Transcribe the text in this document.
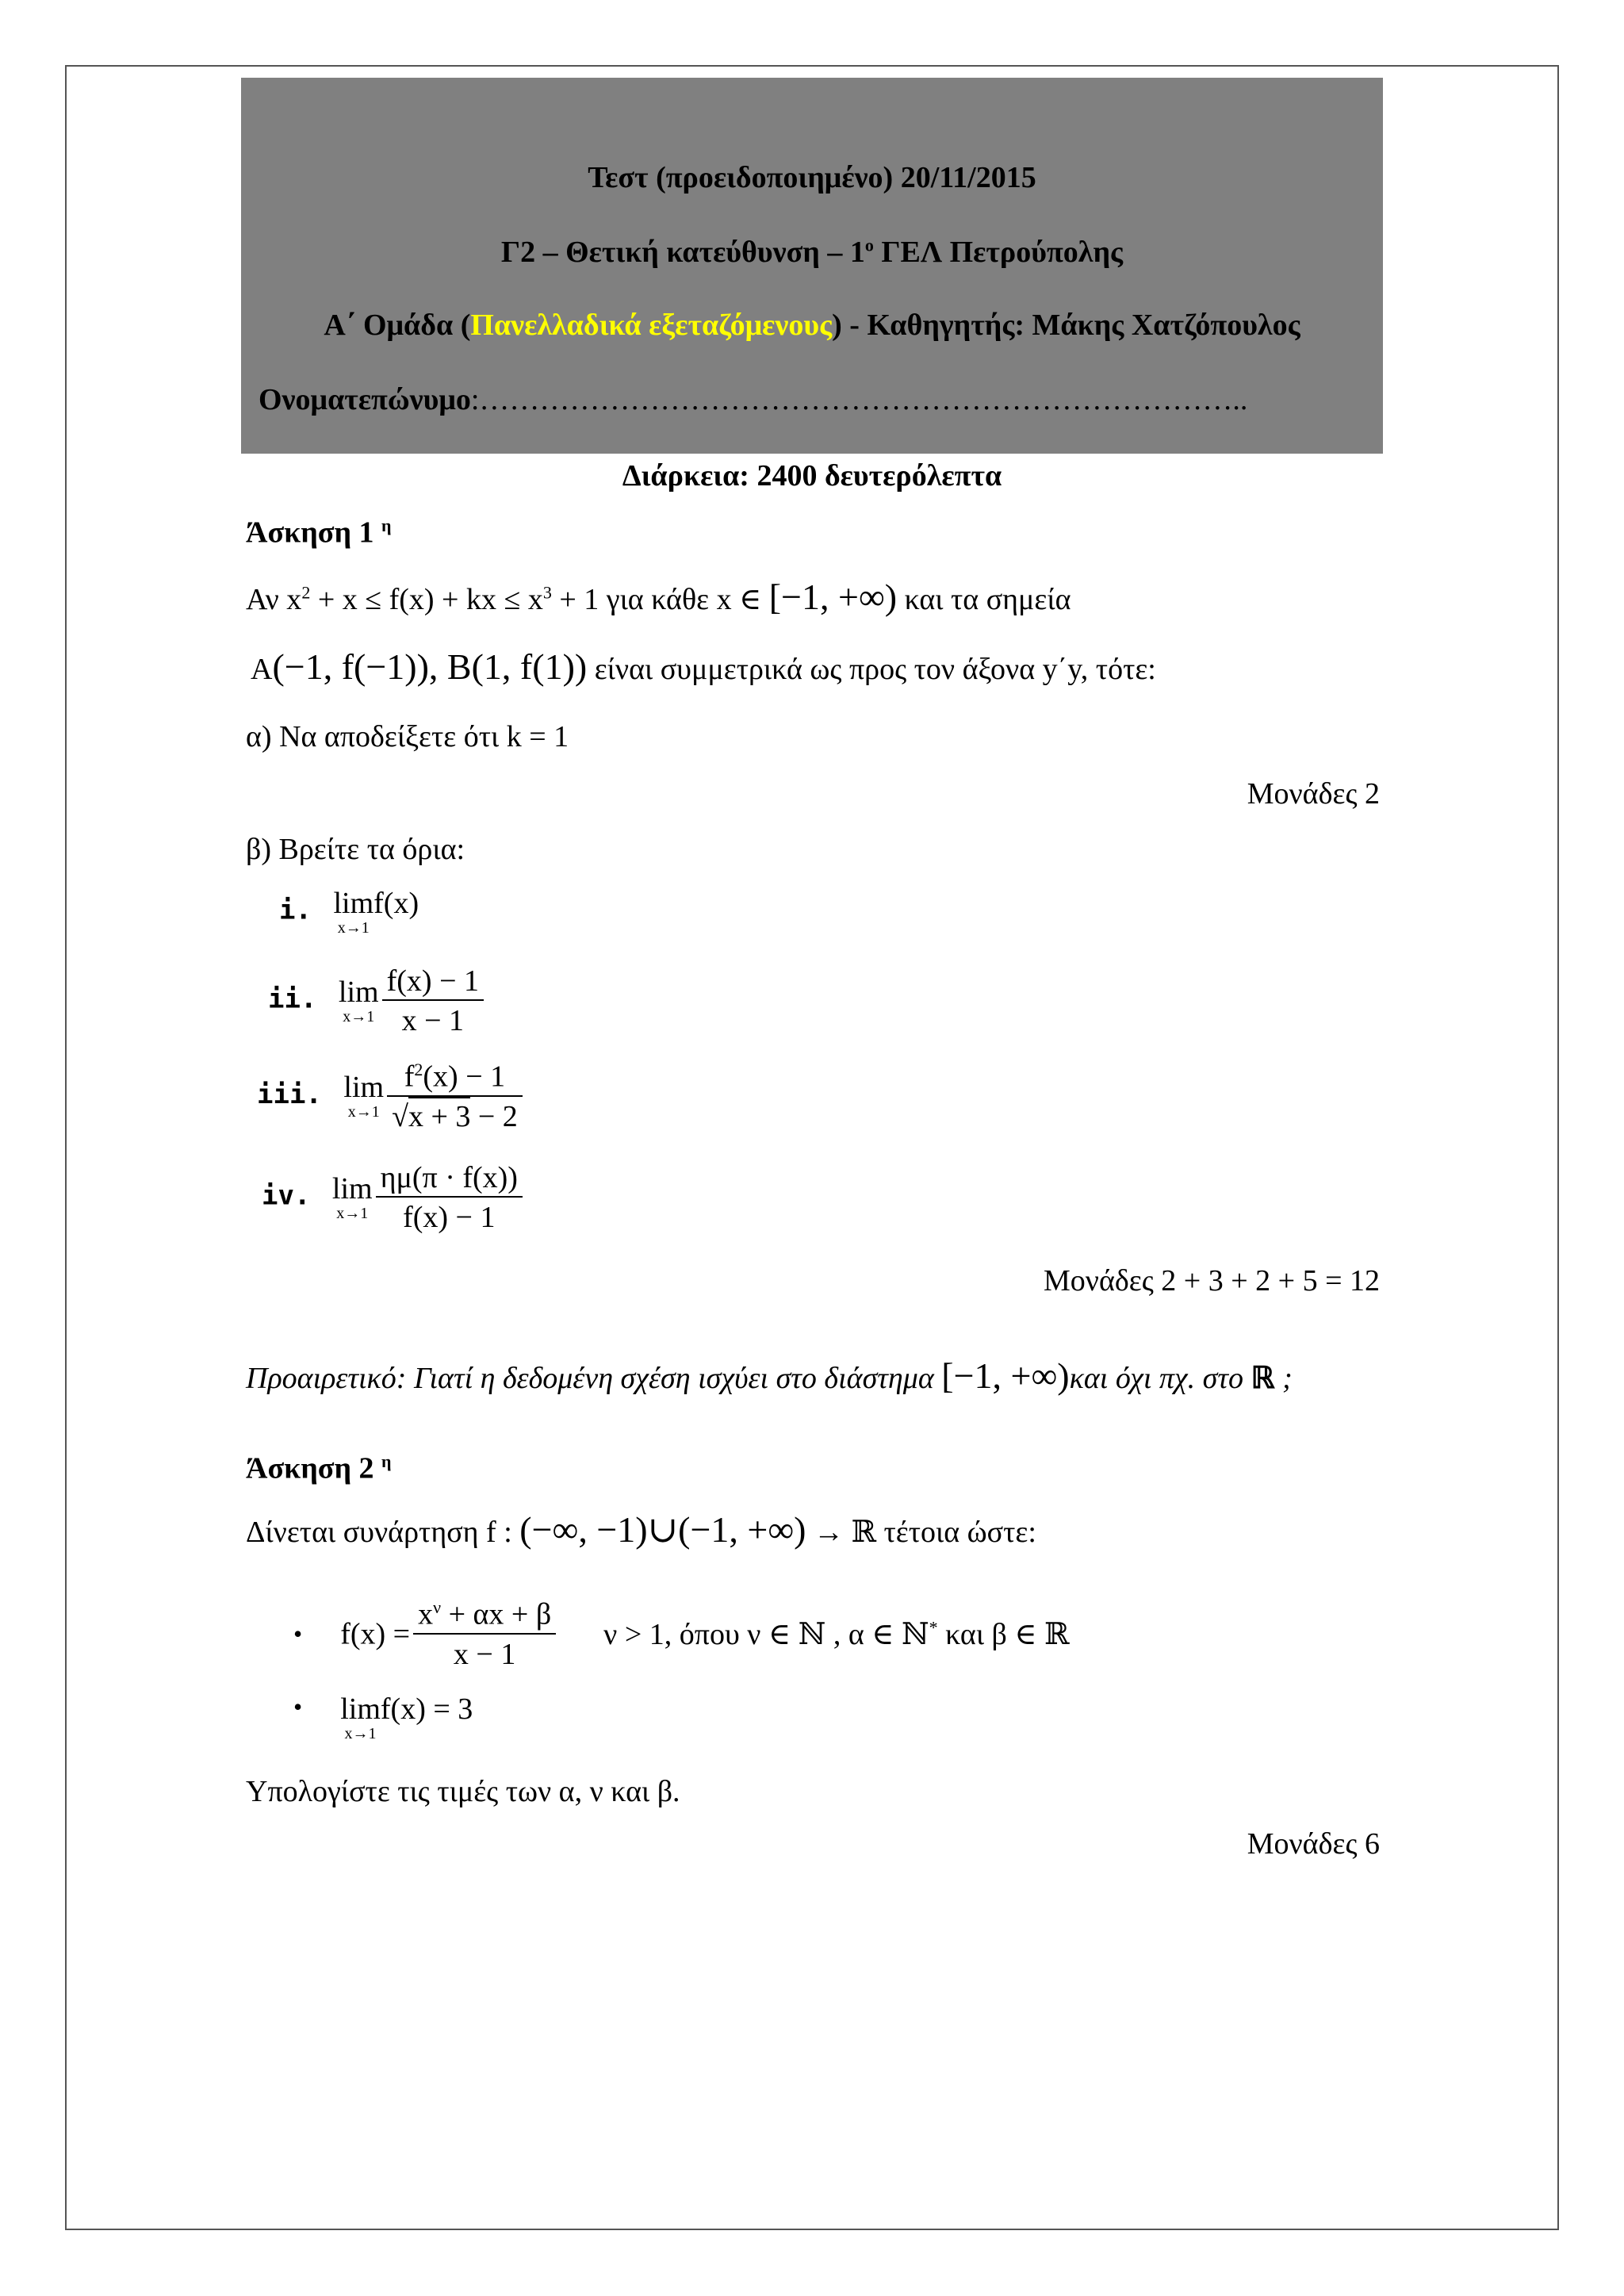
Τεστ (προειδοποιημένο) 20/11/2015
Γ2 – Θετική κατεύθυνση – $1^o$ ΓΕΛ Πετρούπολης
Α΄ Ομάδα (Πανελλαδικά εξεταζόμενους) - Καθηγητής: Μάκης Χατζόπουλος
Ονοματεπώνυμο:…………………………………………………………………..
Διάρκεια: 2400 δευτερόλεπτα
Άσκηση 1 $^\eta$
Αν $x^2 + x \le f(x)$ + kx ≤ $x^3 + 1$ για κάθε x ∈ [−1, +∞) και τα σημεία
A(−1, f(−1)), B(1, f(1)) είναι συμμετρικά ως προς τον άξονα y΄y, τότε:
α) Να αποδείξετε ότι k = 1
Μονάδες 2
β) Βρείτε τα όρια:
i. lim
x→1
f(x)
ii. lim
$x\to 1 \frac{f(x) - 1}{x - 1}$
iii. lim
$x\to 1 \frac{f^2(x) - 1}{√x + 3 - 2}$
iv. lim
$x\to 1 \frac{\eta\mu(\pi \cdot f(x))}{f(x) - 1}$
Μονάδες 2 + 3 + 2 + 5 = 12
Προαιρετικό: Γιατί η δεδομένη σχέση ισχύει στο διάστημα [−1, +∞)και όχι πχ. στο ℝ ;
Άσκηση 2 $^\eta$
Δίνεται συνάρτηση f : (−∞, −1)∪(−1, +∞) → ℝ τέτοια ώστε:
• $f(x) = \frac{x^\nu + \alpha x + \beta}{x - 1}$ ν > 1, όπου ν ∈ ℕ , α ∈ ℕ* και β ∈ ℝ
• lim
x→1
f(x) = 3
Υπολογίστε τις τιμές των α, ν και β.
Μονάδες 6
